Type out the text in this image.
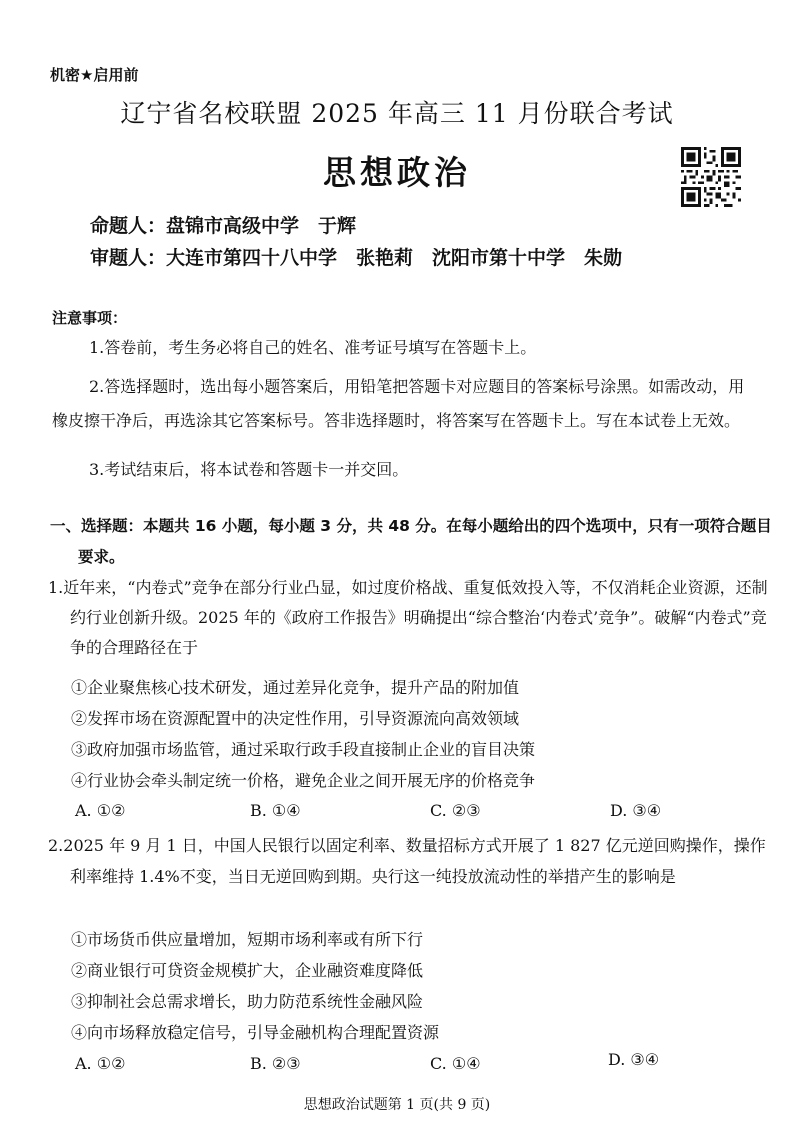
机密★启用前
辽宁省名校联盟 2025 年高三 11 月份联合考试
思想政治
命题人：盘锦市高级中学　于辉
审题人：大连市第四十八中学　张艳莉　沈阳市第十中学　朱勋
注意事项：
1.答卷前，考生务必将自己的姓名、准考证号填写在答题卡上。
2.答选择题时，选出每小题答案后，用铅笔把答题卡对应题目的答案标号涂黑。如需改动，用橡皮擦干净后，再选涂其它答案标号。答非选择题时，将答案写在答题卡上。写在本试卷上无效。
3.考试结束后，将本试卷和答题卡一并交回。
一、选择题：本题共 16 小题，每小题 3 分，共 48 分。在每小题给出的四个选项中，只有一项符合题目要求。
1.近年来，“内卷式”竞争在部分行业凸显，如过度价格战、重复低效投入等，不仅消耗企业资源，还制约行业创新升级。2025 年的《政府工作报告》明确提出“综合整治‘内卷式’竞争”。破解“内卷式”竞争的合理路径在于
①企业聚焦核心技术研发，通过差异化竞争，提升产品的附加值
②发挥市场在资源配置中的决定性作用，引导资源流向高效领域
③政府加强市场监管，通过采取行政手段直接制止企业的盲目决策
④行业协会牵头制定统一价格，避免企业之间开展无序的价格竞争
A. ①②	B. ①④	C. ②③	D. ③④
2.2025 年 9 月 1 日，中国人民银行以固定利率、数量招标方式开展了 1 827 亿元逆回购操作，操作利率维持 1.4%不变，当日无逆回购到期。央行这一纯投放流动性的举措产生的影响是
①市场货币供应量增加，短期市场利率或有所下行
②商业银行可贷资金规模扩大，企业融资难度降低
③抑制社会总需求增长，助力防范系统性金融风险
④向市场释放稳定信号，引导金融机构合理配置资源
A. ①②	B. ②③	C. ①④	D. ③④
思想政治试题第 1 页(共 9 页)
